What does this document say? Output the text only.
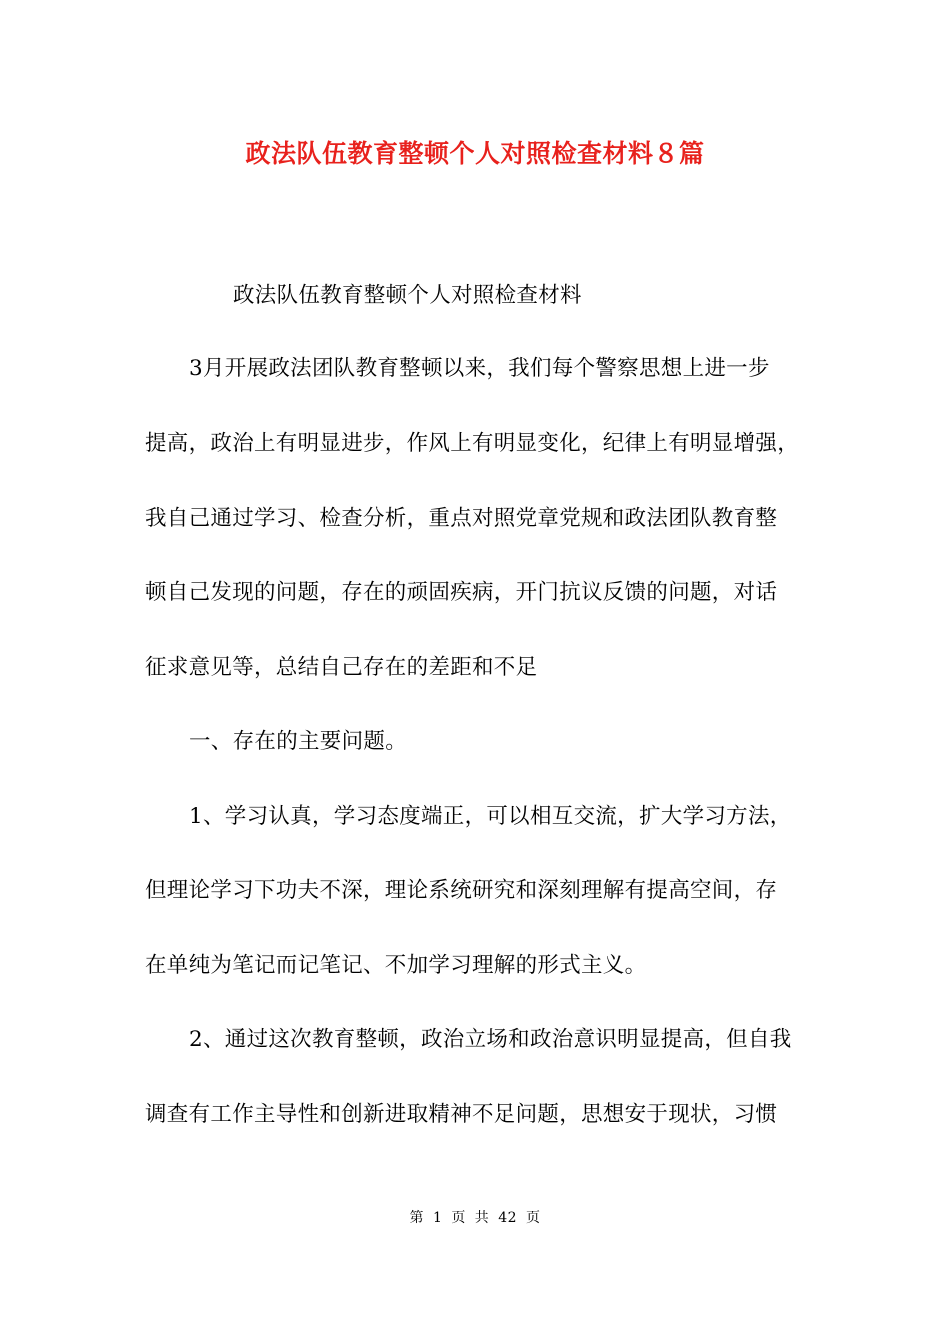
政法队伍教育整顿个人对照检查材料８篇
政法队伍教育整顿个人对照检查材料
3月开展政法团队教育整顿以来，我们每个警察思想上进一步
提高，政治上有明显进步，作风上有明显变化，纪律上有明显增强，
我自己通过学习、检查分析，重点对照党章党规和政法团队教育整
顿自己发现的问题，存在的顽固疾病，开门抗议反馈的问题，对话
征求意见等，总结自己存在的差距和不足
一、存在的主要问题。
1、学习认真，学习态度端正，可以相互交流，扩大学习方法，
但理论学习下功夫不深，理论系统研究和深刻理解有提高空间，存
在单纯为笔记而记笔记、不加学习理解的形式主义。
2、通过这次教育整顿，政治立场和政治意识明显提高，但自我
调查有工作主导性和创新进取精神不足问题，思想安于现状，习惯
第 1 页 共 42 页
